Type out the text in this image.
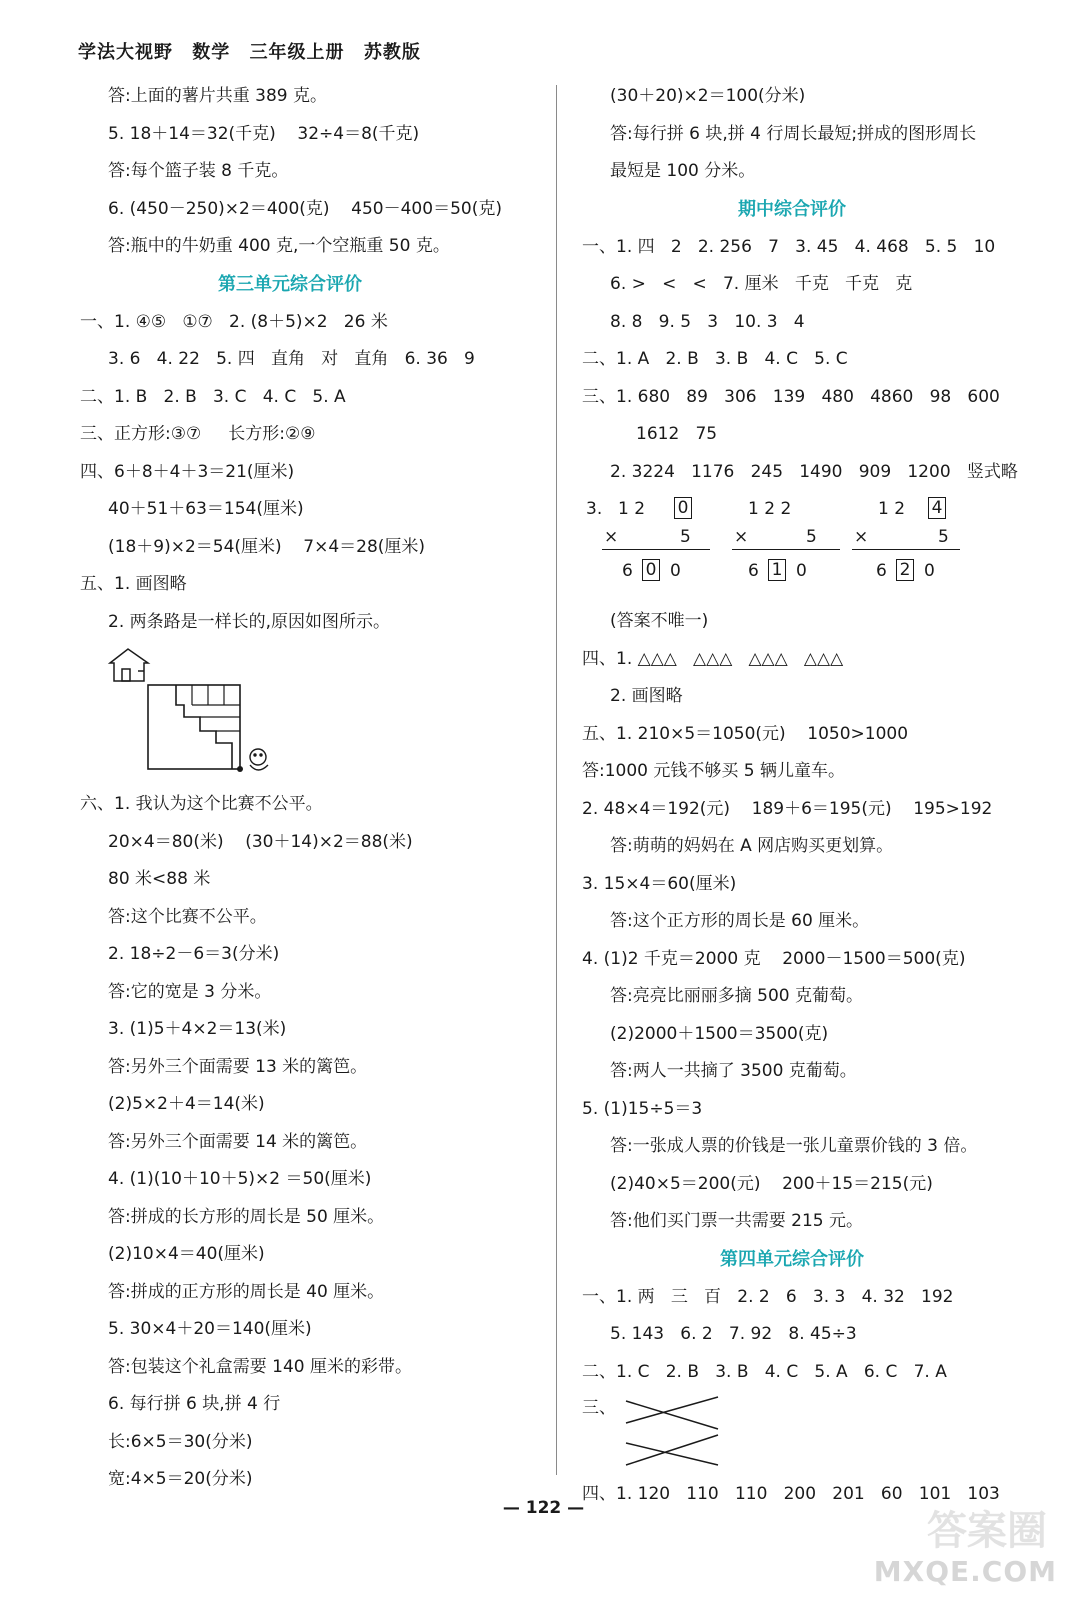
学法大视野 数学 三年级上册 苏教版
答:上面的薯片共重 389 克。
5. 18＋14＝32(千克)    32÷4＝8(千克)
答:每个篮子装 8 千克。
6. (450－250)×2＝400(克)    450－400＝50(克)
答:瓶中的牛奶重 400 克,一个空瓶重 50 克。
第三单元综合评价
一、1. ④⑤   ①⑦   2. (8＋5)×2   26 米
3. 6   4. 22   5. 四   直角   对   直角   6. 36   9
二、1. B   2. B   3. C   4. C   5. A
三、正方形:③⑦     长方形:②⑨
四、6＋8＋4＋3＝21(厘米)
40＋51＋63＝154(厘米)
(18＋9)×2＝54(厘米)    7×4＝28(厘米)
五、1. 画图略
2. 两条路是一样长的,原因如图所示。
六、1. 我认为这个比赛不公平。
20×4＝80(米)    (30＋14)×2＝88(米)
80 米<88 米
答:这个比赛不公平。
2. 18÷2－6＝3(分米)
答:它的宽是 3 分米。
3. (1)5＋4×2＝13(米)
答:另外三个面需要 13 米的篱笆。
(2)5×2＋4＝14(米)
答:另外三个面需要 14 米的篱笆。
4. (1)(10＋10＋5)×2 ＝50(厘米)
答:拼成的长方形的周长是 50 厘米。
(2)10×4＝40(厘米)
答:拼成的正方形的周长是 40 厘米。
5. 30×4＋20＝140(厘米)
答:包装这个礼盒需要 140 厘米的彩带。
6. 每行拼 6 块,拼 4 行
长:6×5＝30(分米)
宽:4×5＝20(分米)
(30＋20)×2＝100(分米)
答:每行拼 6 块,拼 4 行周长最短;拼成的图形周长
最短是 100 分米。
期中综合评价
一、1. 四   2   2. 256   7   3. 45   4. 468   5. 5   10
6. >   <   <   7. 厘米   千克   千克   克
8. 8   9. 5   3   10. 3   4
二、1. A   2. B   3. B   4. C   5. C
三、1. 680   89   306   139   480   4860   98   600
1612   75
2. 3224   1176   245   1490   909   1200   竖式略
3. 1 2 0
×	5
6 0 0
1 2 2
×	5
6 1 0
1 2 4
×	5
6 2 0
(答案不唯一)
四、1. △△△   △△△   △△△   △△△
2. 画图略
五、1. 210×5＝1050(元)    1050>1000
答:1000 元钱不够买 5 辆儿童车。
2. 48×4＝192(元)    189＋6＝195(元)    195>192
答:萌萌的妈妈在 A 网店购买更划算。
3. 15×4＝60(厘米)
答:这个正方形的周长是 60 厘米。
4. (1)2 千克＝2000 克    2000－1500＝500(克)
答:亮亮比丽丽多摘 500 克葡萄。
(2)2000＋1500＝3500(克)
答:两人一共摘了 3500 克葡萄。
5. (1)15÷5＝3
答:一张成人票的价钱是一张儿童票价钱的 3 倍。
(2)40×5＝200(元)    200＋15＝215(元)
答:他们买门票一共需要 215 元。
第四单元综合评价
一、1. 两   三   百   2. 2   6   3. 3   4. 32   192
5. 143   6. 2   7. 92   8. 45÷3
二、1. C   2. B   3. B   4. C   5. A   6. C   7. A
三、
四、1. 120   110   110   200   201   60   101   103
— 122 —	答案圈
MXQE.COM
